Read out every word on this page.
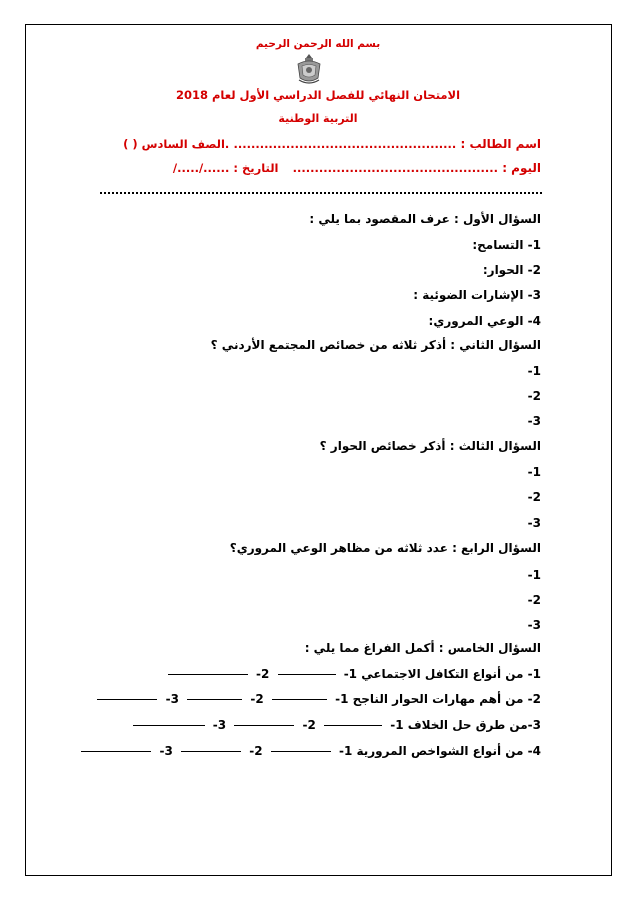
بسم الله الرحمن الرحيم
الامتحان النهائي للفصل الدراسي الأول لعام 2018
التربية الوطنية
اسم الطالب : ................................................... .الصف السادس ( )
اليوم : ............................................... التاريخ : ....../...../
السؤال الأول : عرف المقصود بما يلي :
1- التسامح:
2- الحوار:
3- الإشارات الضوئية :
4- الوعي المروري:
السؤال الثاني : أذكر ثلاثه من خصائص المجتمع الأردني ؟
1-
2-
3-
السؤال الثالث : أذكر خصائص الحوار ؟
1-
2-
3-
السؤال الرابع : عدد ثلاثه من مظاهر الوعي المروري؟
1-
2-
3-
السؤال الخامس : أكمل الفراغ مما يلي :
1- من أنواع التكافل الاجتماعي 1-  2-
2- من أهم مهارات الحوار الناجح 1-  2-  3-
3-من طرق حل الخلاف 1-  2-  3-
4- من أنواع الشواخص المرورية 1-  2-  3-
